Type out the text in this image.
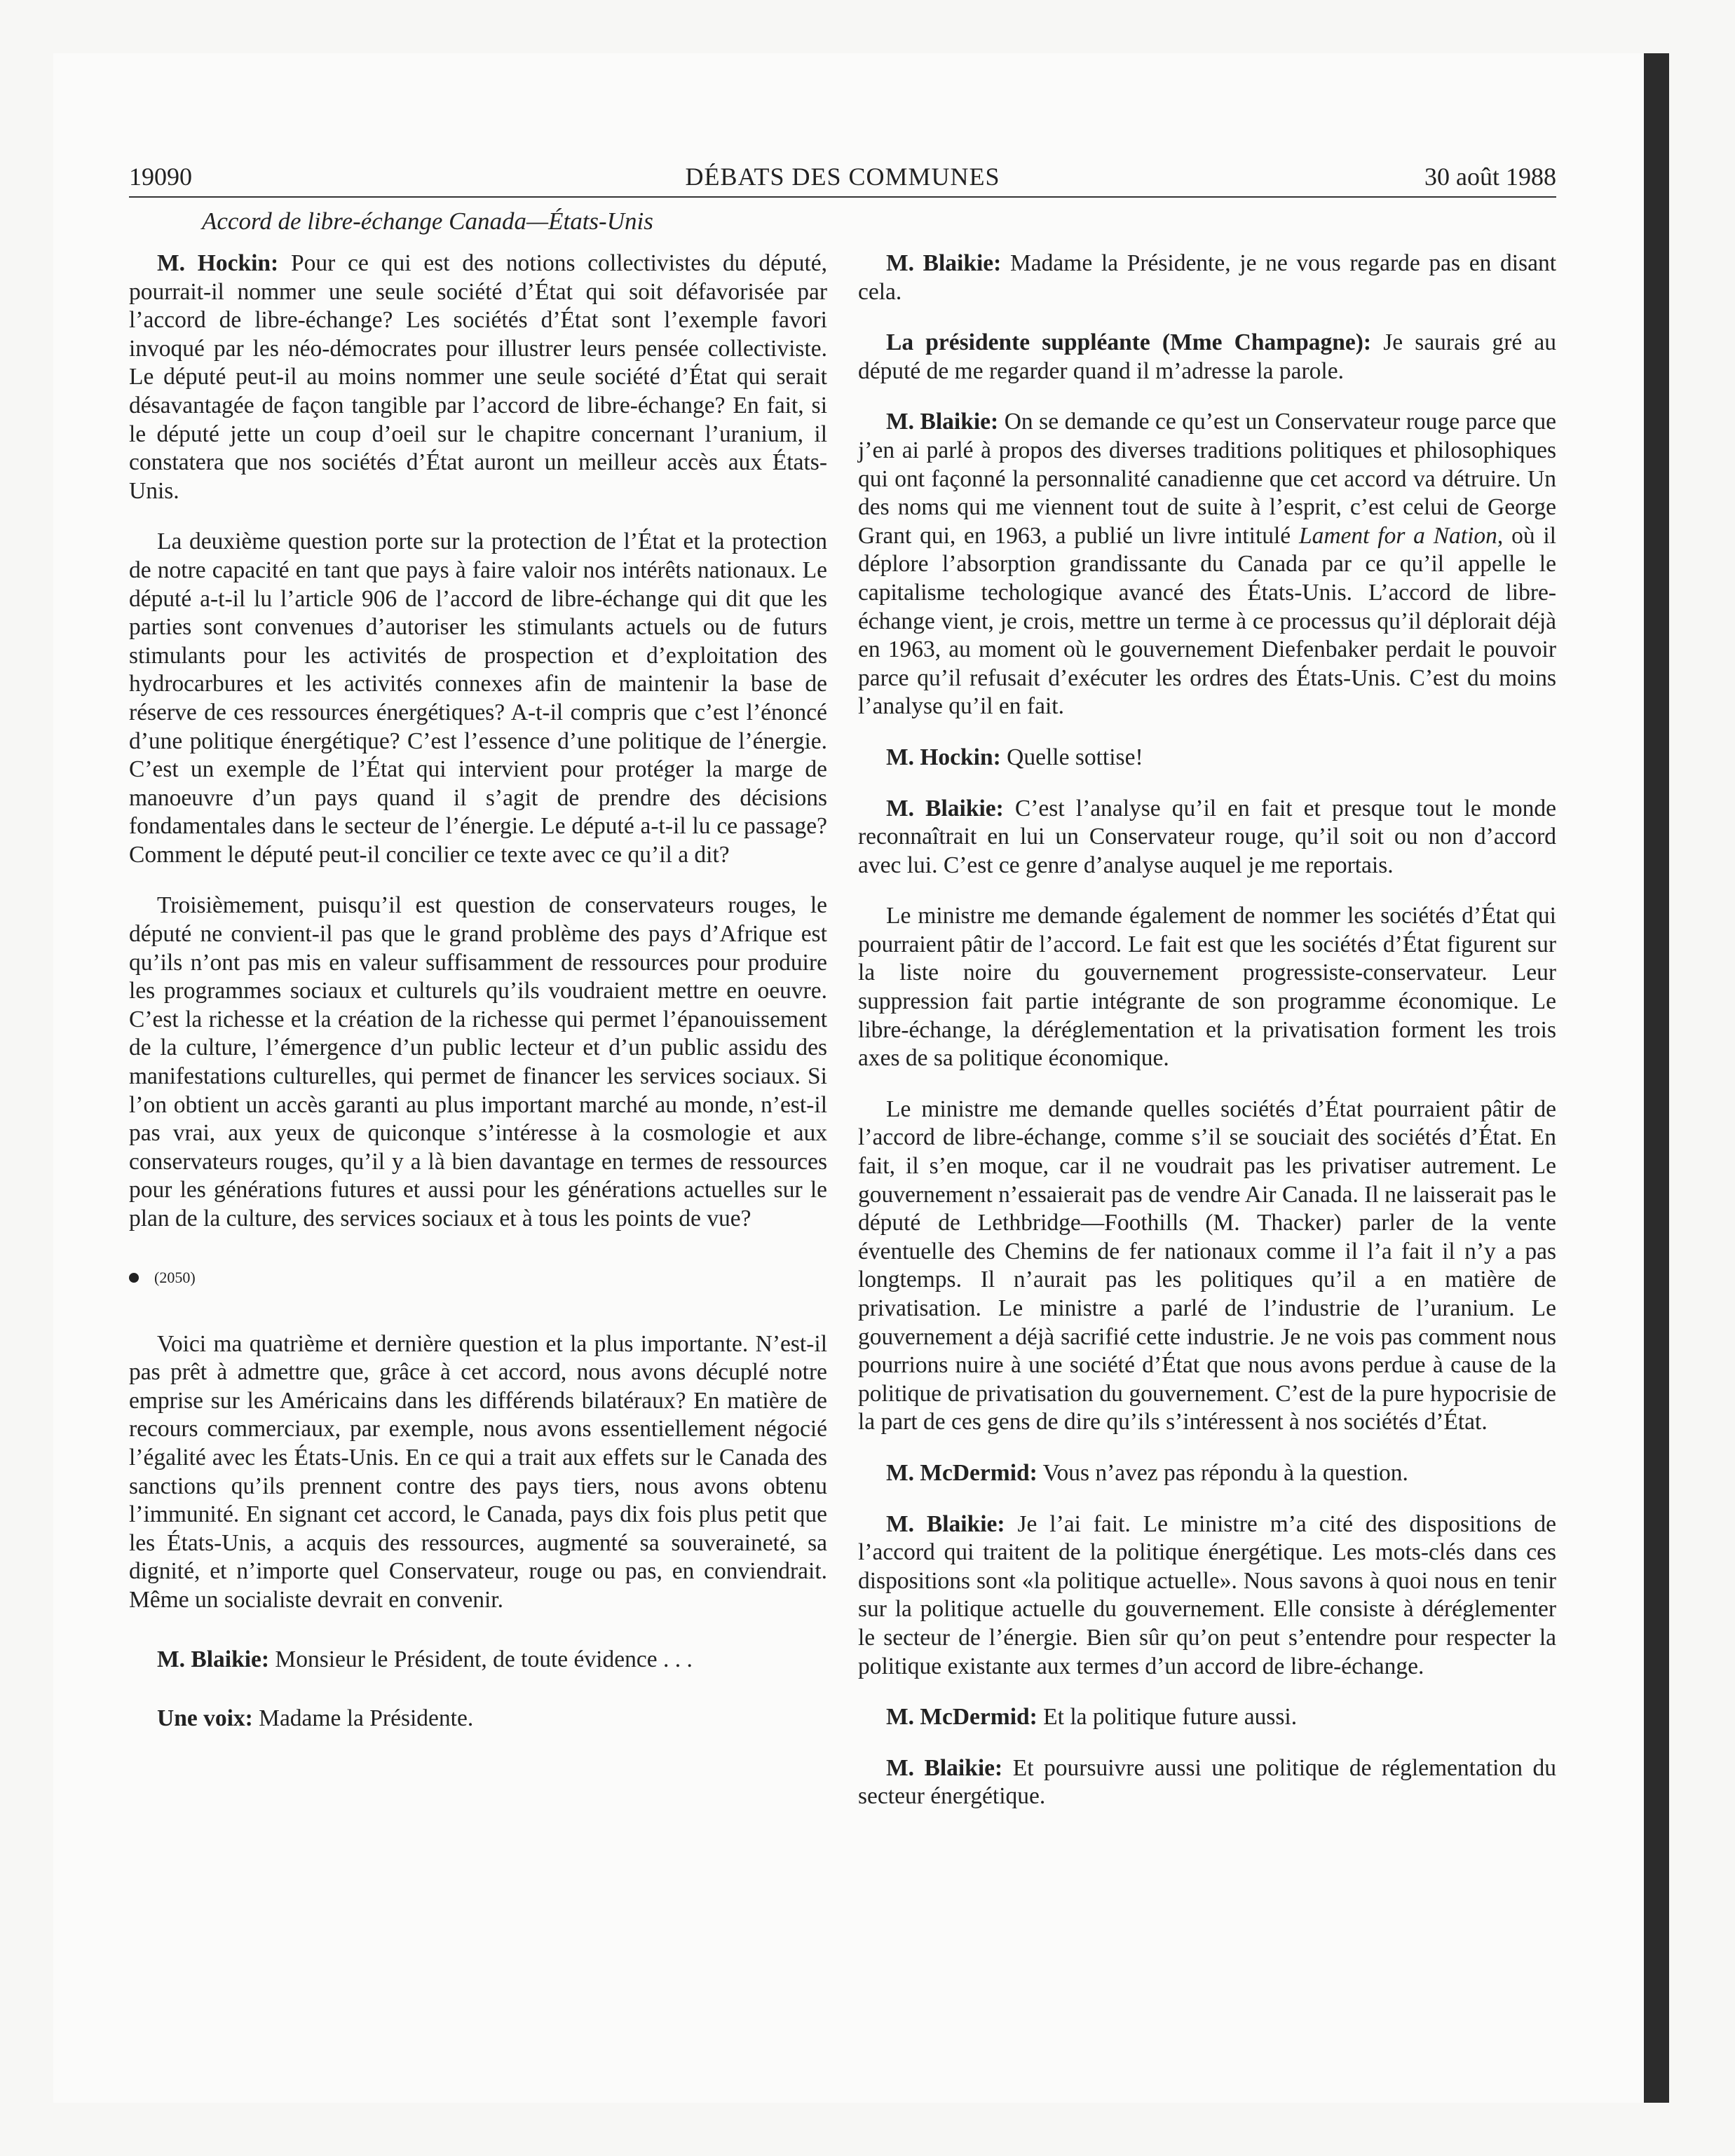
19090	DÉBATS DES COMMUNES	30 août 1988
Accord de libre-échange Canada—États-Unis

M. Hockin: Pour ce qui est des notions collectivistes du député, pourrait-il nommer une seule société d’État qui soit défavorisée par l’accord de libre-échange? Les sociétés d’État sont l’exemple favori invoqué par les néo-démocrates pour illustrer leurs pensée collectiviste. Le député peut-il au moins nommer une seule société d’État qui serait désavantagée de façon tangible par l’accord de libre-échange? En fait, si le député jette un coup d’oeil sur le chapitre concernant l’uranium, il constatera que nos sociétés d’État auront un meilleur accès aux États-Unis.

La deuxième question porte sur la protection de l’État et la protection de notre capacité en tant que pays à faire valoir nos intérêts nationaux. Le député a-t-il lu l’article 906 de l’accord de libre-échange qui dit que les parties sont convenues d’autoriser les stimulants actuels ou de futurs stimulants pour les activités de prospection et d’exploitation des hydrocarbures et les activités connexes afin de maintenir la base de réserve de ces ressources énergétiques? A-t-il compris que c’est l’énoncé d’une politique énergétique? C’est l’essence d’une politique de l’énergie. C’est un exemple de l’État qui intervient pour protéger la marge de manoeuvre d’un pays quand il s’agit de prendre des décisions fondamentales dans le secteur de l’énergie. Le député a-t-il lu ce passage? Comment le député peut-il concilier ce texte avec ce qu’il a dit?

Troisièmement, puisqu’il est question de conservateurs rouges, le député ne convient-il pas que le grand problème des pays d’Afrique est qu’ils n’ont pas mis en valeur suffisamment de ressources pour produire les programmes sociaux et culturels qu’ils voudraient mettre en oeuvre. C’est la richesse et la création de la richesse qui permet l’épanouissement de la culture, l’émergence d’un public lecteur et d’un public assidu des manifestations culturelles, qui permet de financer les services sociaux. Si l’on obtient un accès garanti au plus important marché au monde, n’est-il pas vrai, aux yeux de quiconque s’intéresse à la cosmologie et aux conservateurs rouges, qu’il y a là bien davantage en termes de ressources pour les générations futures et aussi pour les générations actuelles sur le plan de la culture, des services sociaux et à tous les points de vue?

(2050)

Voici ma quatrième et dernière question et la plus importante. N’est-il pas prêt à admettre que, grâce à cet accord, nous avons décuplé notre emprise sur les Américains dans les différends bilatéraux? En matière de recours commerciaux, par exemple, nous avons essentiellement négocié l’égalité avec les États-Unis. En ce qui a trait aux effets sur le Canada des sanctions qu’ils prennent contre des pays tiers, nous avons obtenu l’immunité. En signant cet accord, le Canada, pays dix fois plus petit que les États-Unis, a acquis des ressources, augmenté sa souveraineté, sa dignité, et n’importe quel Conservateur, rouge ou pas, en conviendrait. Même un socialiste devrait en convenir.

M. Blaikie: Monsieur le Président, de toute évidence . . .

Une voix: Madame la Présidente.

M. Blaikie: Madame la Présidente, je ne vous regarde pas en disant cela.

La présidente suppléante (Mme Champagne): Je saurais gré au député de me regarder quand il m’adresse la parole.

M. Blaikie: On se demande ce qu’est un Conservateur rouge parce que j’en ai parlé à propos des diverses traditions politiques et philosophiques qui ont façonné la personnalité canadienne que cet accord va détruire. Un des noms qui me viennent tout de suite à l’esprit, c’est celui de George Grant qui, en 1963, a publié un livre intitulé Lament for a Nation, où il déplore l’absorption grandissante du Canada par ce qu’il appelle le capitalisme techologique avancé des États-Unis. L’accord de libre-échange vient, je crois, mettre un terme à ce processus qu’il déplorait déjà en 1963, au moment où le gouvernement Diefenbaker perdait le pouvoir parce qu’il refusait d’exécuter les ordres des États-Unis. C’est du moins l’analyse qu’il en fait.

M. Hockin: Quelle sottise!

M. Blaikie: C’est l’analyse qu’il en fait et presque tout le monde reconnaîtrait en lui un Conservateur rouge, qu’il soit ou non d’accord avec lui. C’est ce genre d’analyse auquel je me reportais.

Le ministre me demande également de nommer les sociétés d’État qui pourraient pâtir de l’accord. Le fait est que les sociétés d’État figurent sur la liste noire du gouvernement progressiste-conservateur. Leur suppression fait partie intégrante de son programme économique. Le libre-échange, la déréglementation et la privatisation forment les trois axes de sa politique économique.

Le ministre me demande quelles sociétés d’État pourraient pâtir de l’accord de libre-échange, comme s’il se souciait des sociétés d’État. En fait, il s’en moque, car il ne voudrait pas les privatiser autrement. Le gouvernement n’essaierait pas de vendre Air Canada. Il ne laisserait pas le député de Lethbridge—Foothills (M. Thacker) parler de la vente éventuelle des Chemins de fer nationaux comme il l’a fait il n’y a pas longtemps. Il n’aurait pas les politiques qu’il a en matière de privatisation. Le ministre a parlé de l’industrie de l’uranium. Le gouvernement a déjà sacrifié cette industrie. Je ne vois pas comment nous pourrions nuire à une société d’État que nous avons perdue à cause de la politique de privatisation du gouvernement. C’est de la pure hypocrisie de la part de ces gens de dire qu’ils s’intéressent à nos sociétés d’État.

M. McDermid: Vous n’avez pas répondu à la question.

M. Blaikie: Je l’ai fait. Le ministre m’a cité des dispositions de l’accord qui traitent de la politique énergétique. Les mots-clés dans ces dispositions sont «la politique actuelle». Nous savons à quoi nous en tenir sur la politique actuelle du gouvernement. Elle consiste à déréglementer le secteur de l’énergie. Bien sûr qu’on peut s’entendre pour respecter la politique existante aux termes d’un accord de libre-échange.

M. McDermid: Et la politique future aussi.

M. Blaikie: Et poursuivre aussi une politique de réglementation du secteur énergétique.
